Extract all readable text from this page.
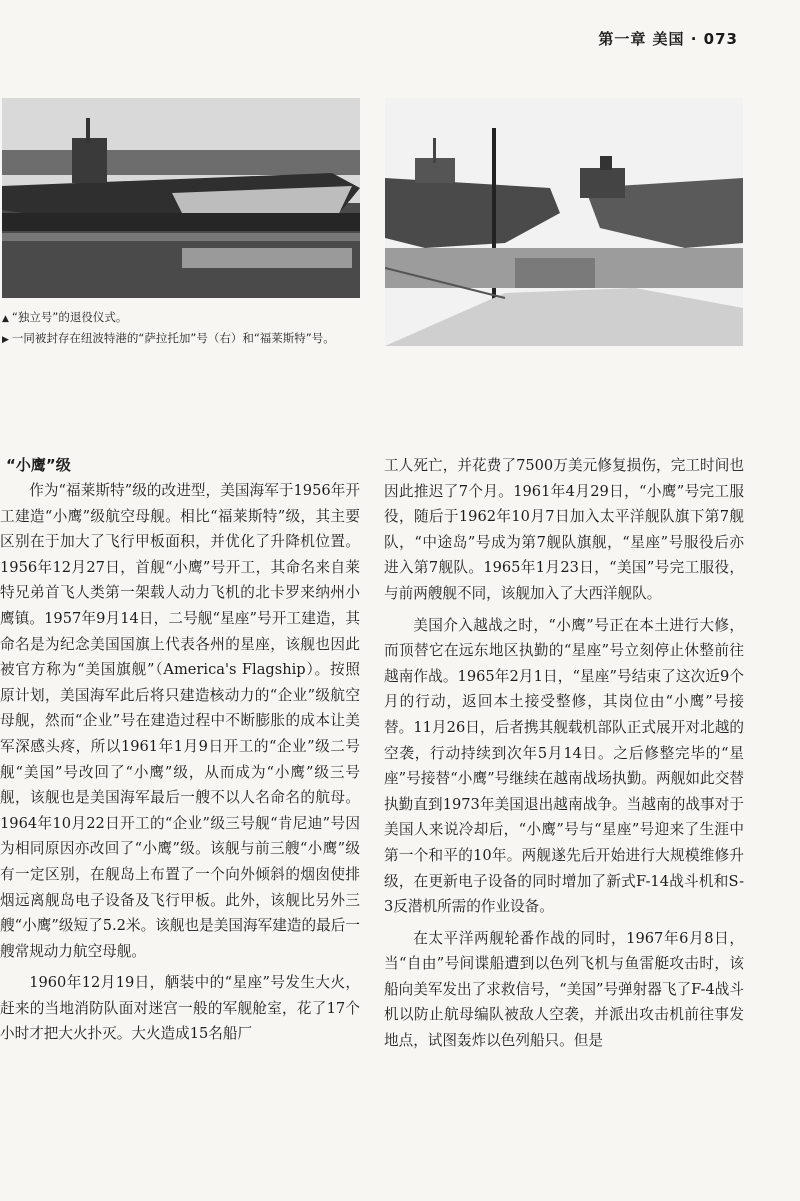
第一章 美国 · 073
▲ “独立号”的退役仪式。
▶ 一同被封存在纽波特港的“萨拉托加”号（右）和“福莱斯特”号。
“小鹰”级

作为“福莱斯特”级的改进型，美国海军于1956年开工建造“小鹰”级航空母舰。相比“福莱斯特”级，其主要区别在于加大了飞行甲板面积，并优化了升降机位置。1956年12月27日，首舰“小鹰”号开工，其命名来自莱特兄弟首飞人类第一架载人动力飞机的北卡罗来纳州小鹰镇。1957年9月14日，二号舰“星座”号开工建造，其命名是为纪念美国国旗上代表各州的星座，该舰也因此被官方称为“美国旗舰”（America's Flagship）。按照原计划，美国海军此后将只建造核动力的“企业”级航空母舰，然而“企业”号在建造过程中不断膨胀的成本让美军深感头疼，所以1961年1月9日开工的“企业”级二号舰“美国”号改回了“小鹰”级，从而成为“小鹰”级三号舰，该舰也是美国海军最后一艘不以人名命名的航母。1964年10月22日开工的“企业”级三号舰“肯尼迪”号因为相同原因亦改回了“小鹰”级。该舰与前三艘“小鹰”级有一定区别，在舰岛上布置了一个向外倾斜的烟囱使排烟远离舰岛电子设备及飞行甲板。此外，该舰比另外三艘“小鹰”级短了5.2米。该舰也是美国海军建造的最后一艘常规动力航空母舰。

1960年12月19日，舾装中的“星座”号发生大火，赶来的当地消防队面对迷宫一般的军舰舱室，花了17个小时才把大火扑灭。大火造成15名船厂

工人死亡，并花费了7500万美元修复损伤，完工时间也因此推迟了7个月。1961年4月29日，“小鹰”号完工服役，随后于1962年10月7日加入太平洋舰队旗下第7舰队，“中途岛”号成为第7舰队旗舰，“星座”号服役后亦进入第7舰队。1965年1月23日，“美国”号完工服役，与前两艘舰不同，该舰加入了大西洋舰队。

美国介入越战之时，“小鹰”号正在本土进行大修，而顶替它在远东地区执勤的“星座”号立刻停止休整前往越南作战。1965年2月1日，“星座”号结束了这次近9个月的行动，返回本土接受整修，其岗位由“小鹰”号接替。11月26日，后者携其舰载机部队正式展开对北越的空袭，行动持续到次年5月14日。之后修整完毕的“星座”号接替“小鹰”号继续在越南战场执勤。两舰如此交替执勤直到1973年美国退出越南战争。当越南的战事对于美国人来说冷却后，“小鹰”号与“星座”号迎来了生涯中第一个和平的10年。两舰遂先后开始进行大规模维修升级，在更新电子设备的同时增加了新式F-14战斗机和S-3反潜机所需的作业设备。

在太平洋两舰轮番作战的同时，1967年6月8日，当“自由”号间谍船遭到以色列飞机与鱼雷艇攻击时，该船向美军发出了求救信号，“美国”号弹射器飞了F-4战斗机以防止航母编队被敌人空袭，并派出攻击机前往事发地点，试图轰炸以色列船只。但是
